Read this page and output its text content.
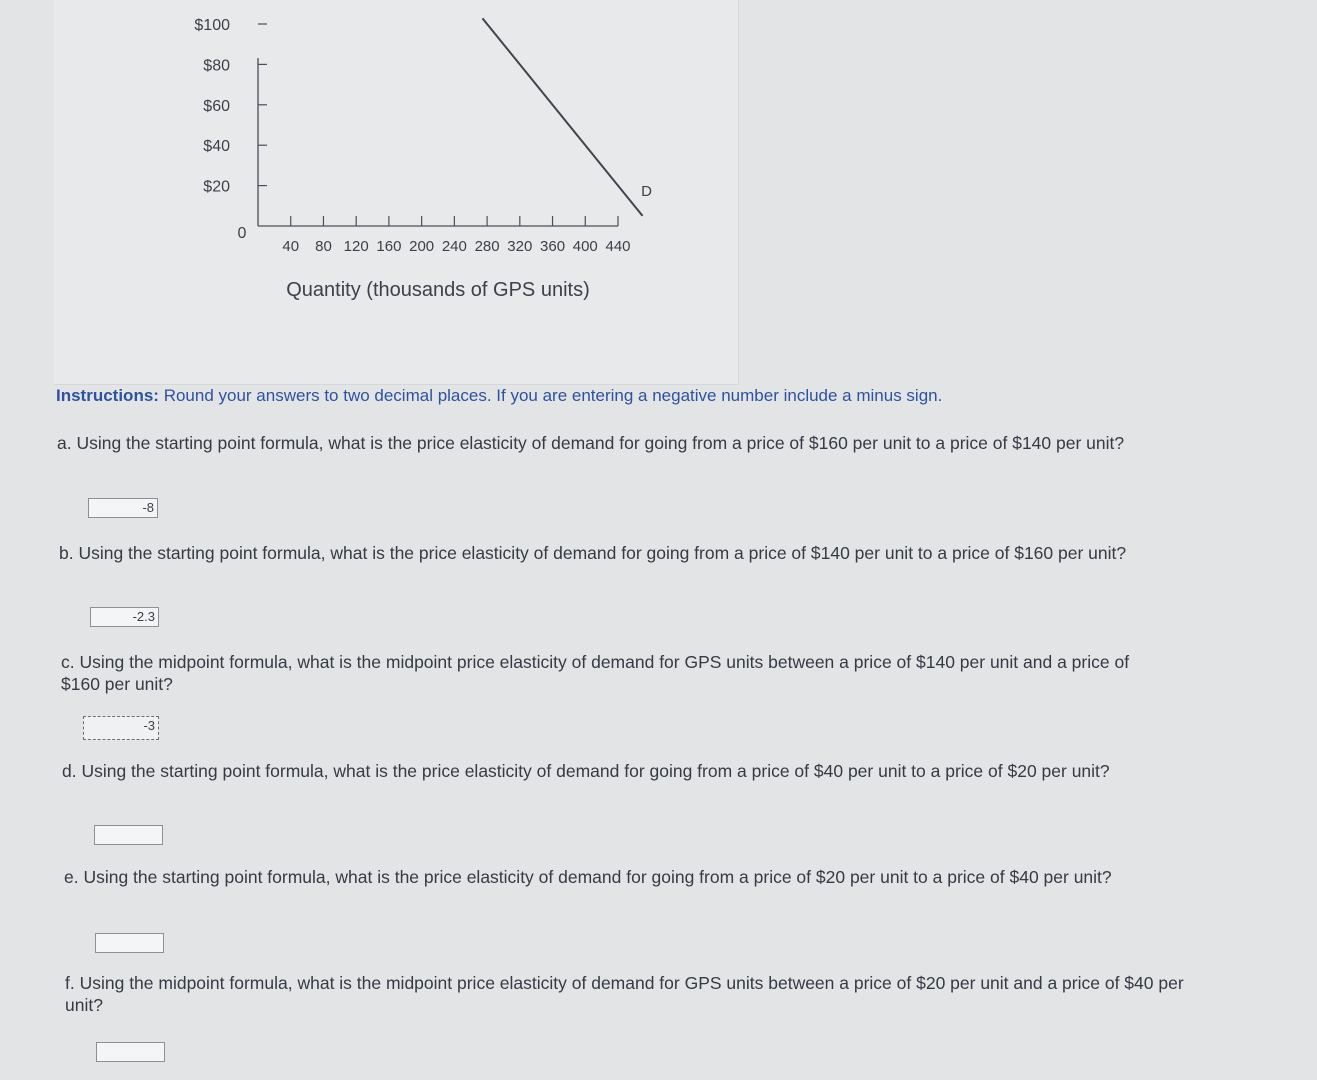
$100
$80
$60
$40
$20
0
40 80 120 160 200 240 280 320 360 400 440
D
Quantity (thousands of GPS units)
Instructions: Round your answers to two decimal places. If you are entering a negative number include a minus sign.
a. Using the starting point formula, what is the price elasticity of demand for going from a price of $160 per unit to a price of $140 per unit?
-8
b. Using the starting point formula, what is the price elasticity of demand for going from a price of $140 per unit to a price of $160 per unit?
-2.3
c. Using the midpoint formula, what is the midpoint price elasticity of demand for GPS units between a price of $140 per unit and a price of $160 per unit?
-3
d. Using the starting point formula, what is the price elasticity of demand for going from a price of $40 per unit to a price of $20 per unit?
e. Using the starting point formula, what is the price elasticity of demand for going from a price of $20 per unit to a price of $40 per unit?
f. Using the midpoint formula, what is the midpoint price elasticity of demand for GPS units between a price of $20 per unit and a price of $40 per unit?
